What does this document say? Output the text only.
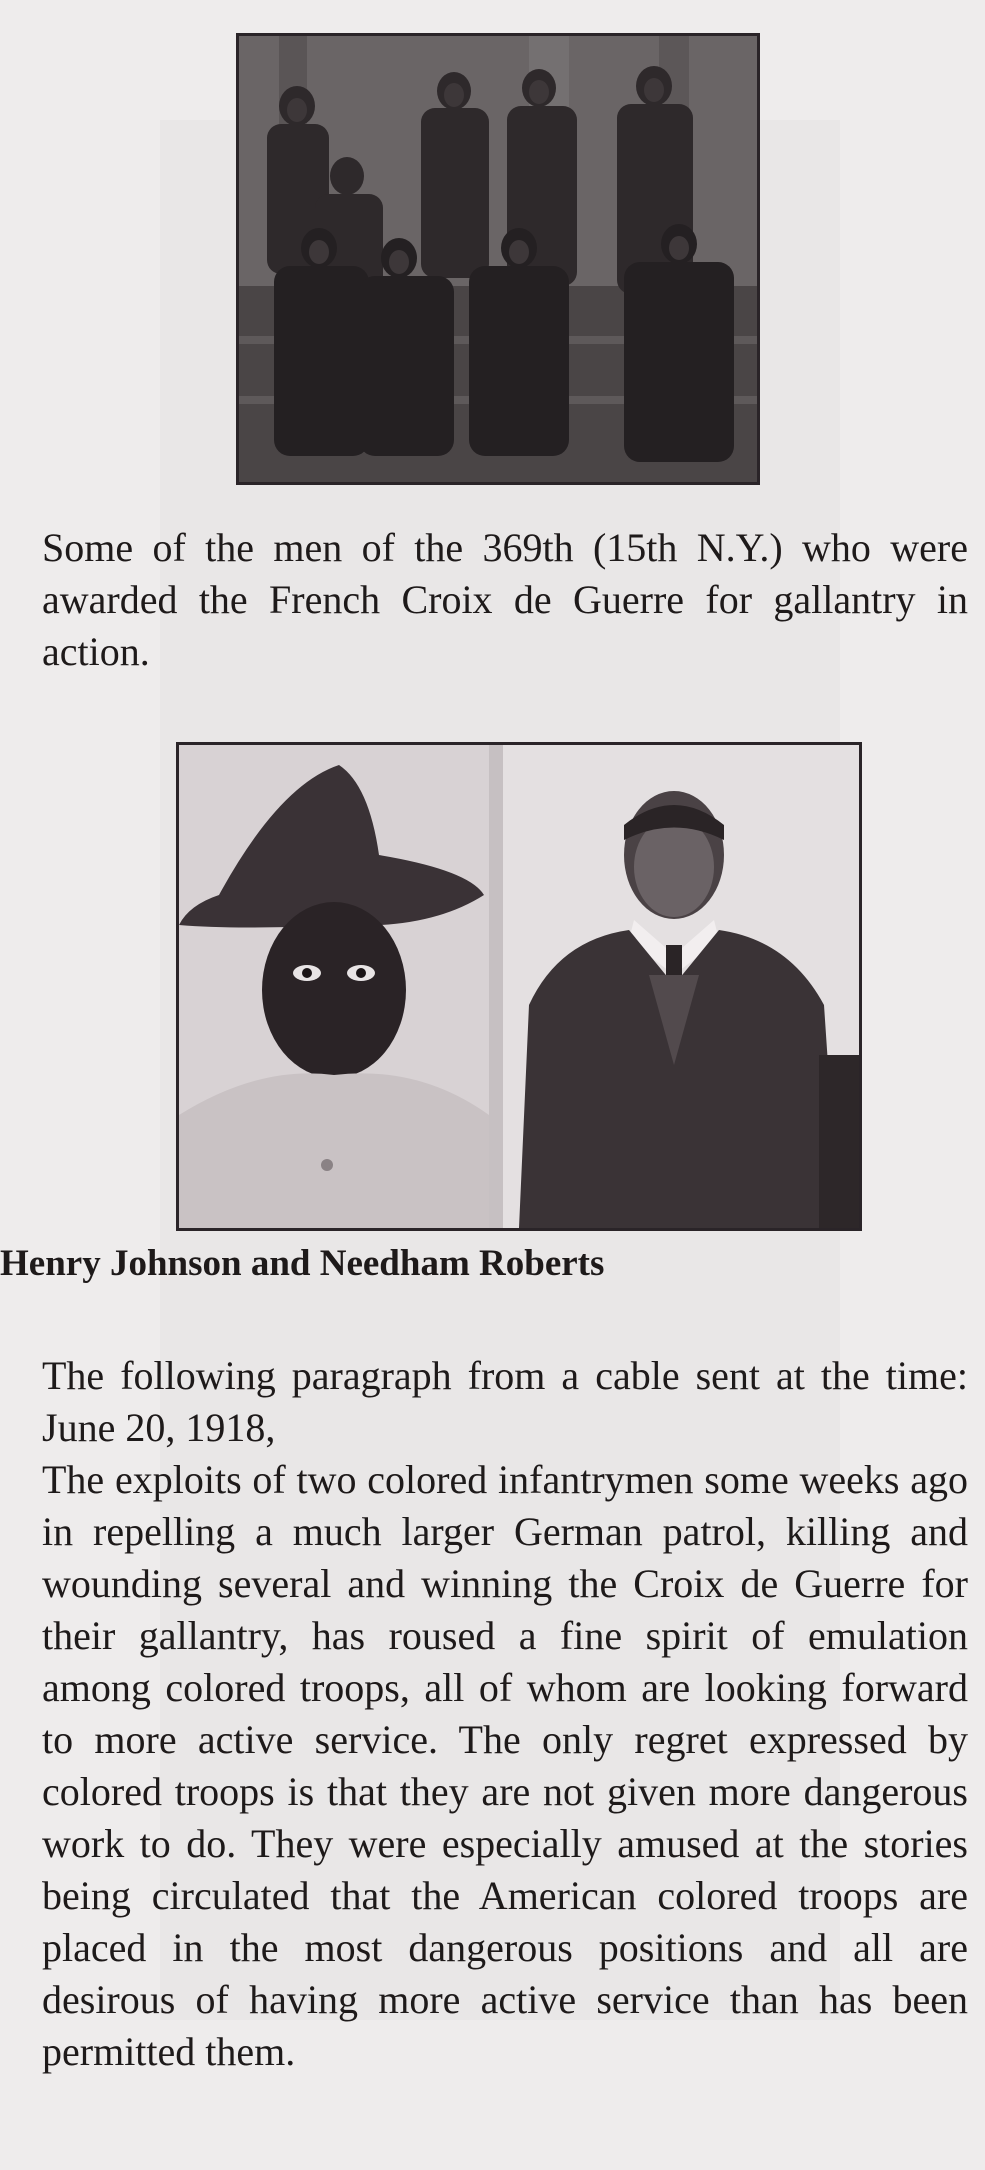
Some of the men of the 369th (15th N.Y.) who were awarded the French Croix de Guerre for gallantry in action.

Henry Johnson and Needham Roberts

The following paragraph from a cable sent at the time: June 20, 1918,

The exploits of two colored infantrymen some weeks ago in repelling a much larger German patrol, killing and wounding several and winning the Croix de Guerre for their gallantry, has roused a fine spirit of emulation among colored troops, all of whom are looking forward to more active service. The only regret expressed by colored troops is that they are not given more dangerous work to do. They were especially amused at the stories being circulated that the American colored troops are placed in the most dangerous positions and all are desirous of having more active service than has been permitted them.
